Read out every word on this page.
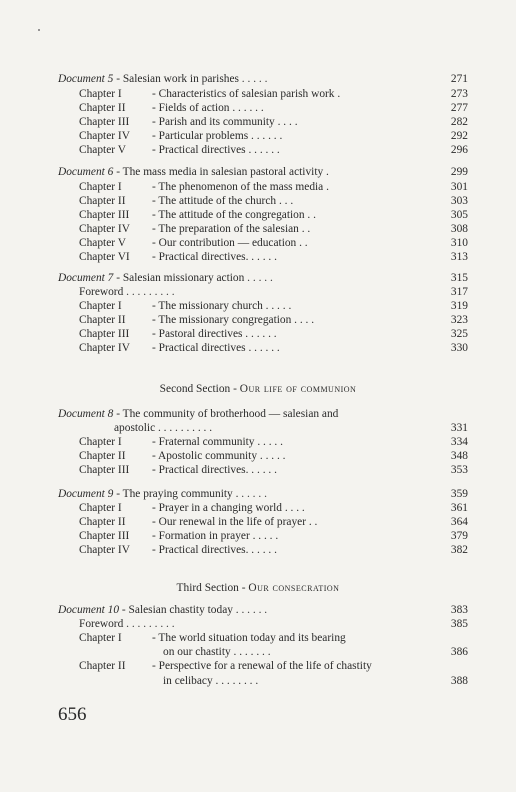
Document 5 - Salesian work in parishes . . . . .	271
Chapter I	- Characteristics of salesian parish work .	273
Chapter II - Fields of action . . . . . .	277
Chapter III - Parish and its community . . . .	282
Chapter IV - Particular problems . . . . . .	292
Chapter V - Practical directives . . . . . .	296
Document 6 - The mass media in salesian pastoral activity .	299
Chapter I	- The phenomenon of the mass media .	301
Chapter II - The attitude of the church . . .	303
Chapter III - The attitude of the congregation . .	305
Chapter IV - The preparation of the salesian . .	308
Chapter V - Our contribution — education . .	310
Chapter VI - Practical directives. . . . . .	313
Document 7 - Salesian missionary action . . . . .	315
Foreword . . . . . . . . .	317
Chapter I	- The missionary church . . . . .	319
Chapter II - The missionary congregation . . . .	323
Chapter III - Pastoral directives . . . . . .	325
Chapter IV - Practical directives . . . . . .	330
Second Section - Our life of communion
Document 8 - The community of brotherhood — salesian and
apostolic . . . . . . . . . .	331
Chapter I	- Fraternal community . . . . .	334
Chapter II - Apostolic community . . . . .	348
Chapter III - Practical directives. . . . . .	353
Document 9 - The praying community . . . . . .	359
Chapter I	- Prayer in a changing world . . . .	361
Chapter II - Our renewal in the life of prayer . .	364
Chapter III - Formation in prayer . . . . .	379
Chapter IV - Practical directives. . . . . .	382
Third Section - Our consecration
Document 10 - Salesian chastity today . . . . . .	383
Foreword . . . . . . . . .	385
Chapter I	- The world situation today and its bearing
on our chastity . . . . . . .	386
Chapter II - Perspective for a renewal of the life of chastity
in celibacy . . . . . . . .	388
656
